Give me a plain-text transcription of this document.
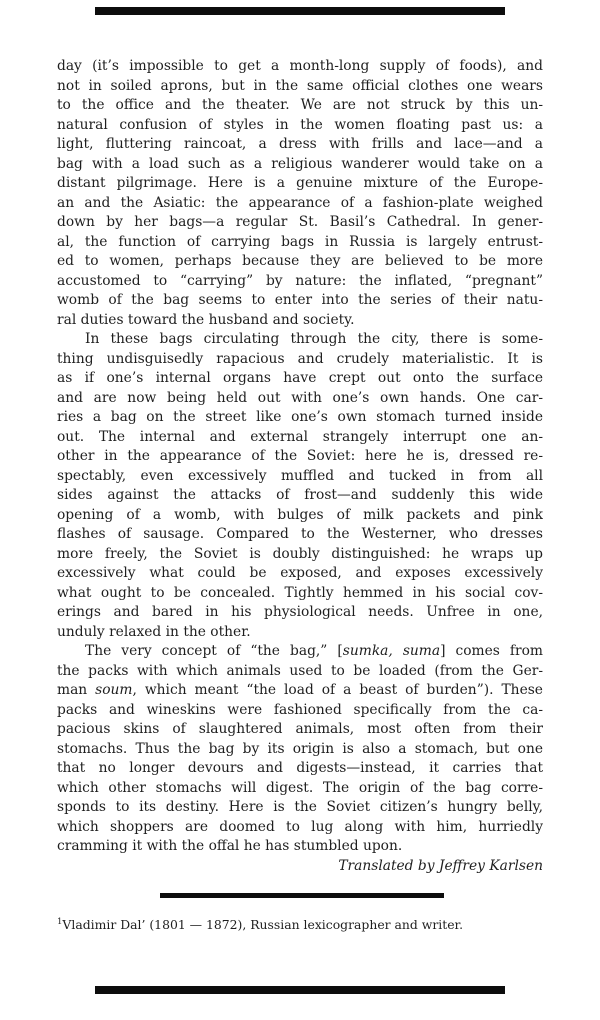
day (it’s impossible to get a month-long supply of foods), and
not in soiled aprons, but in the same official clothes one wears
to the office and the theater. We are not struck by this un-
natural confusion of styles in the women floating past us: a
light, fluttering raincoat, a dress with frills and lace—and a
bag with a load such as a religious wanderer would take on a
distant pilgrimage. Here is a genuine mixture of the Europe-
an and the Asiatic: the appearance of a fashion-plate weighed
down by her bags—a regular St. Basil’s Cathedral. In gener-
al, the function of carrying bags in Russia is largely entrust-
ed to women, perhaps because they are believed to be more
accustomed to “carrying” by nature: the inflated, “pregnant”
womb of the bag seems to enter into the series of their natu-
ral duties toward the husband and society.
In these bags circulating through the city, there is some-
thing undisguisedly rapacious and crudely materialistic. It is
as if one’s internal organs have crept out onto the surface
and are now being held out with one’s own hands. One car-
ries a bag on the street like one’s own stomach turned inside
out. The internal and external strangely interrupt one an-
other in the appearance of the Soviet: here he is, dressed re-
spectably, even excessively muffled and tucked in from all
sides against the attacks of frost—and suddenly this wide
opening of a womb, with bulges of milk packets and pink
flashes of sausage. Compared to the Westerner, who dresses
more freely, the Soviet is doubly distinguished: he wraps up
excessively what could be exposed, and exposes excessively
what ought to be concealed. Tightly hemmed in his social cov-
erings and bared in his physiological needs. Unfree in one,
unduly relaxed in the other.
The very concept of “the bag,” [sumka, suma] comes from
the packs with which animals used to be loaded (from the Ger-
man soum, which meant “the load of a beast of burden”). These
packs and wineskins were fashioned specifically from the ca-
pacious skins of slaughtered animals, most often from their
stomachs. Thus the bag by its origin is also a stomach, but one
that no longer devours and digests—instead, it carries that
which other stomachs will digest. The origin of the bag corre-
sponds to its destiny. Here is the Soviet citizen’s hungry belly,
which shoppers are doomed to lug along with him, hurriedly
cramming it with the offal he has stumbled upon.
Translated by Jeffrey Karlsen
$^1$Vladimir Dal’ (1801 — 1872), Russian lexicographer and writer.
